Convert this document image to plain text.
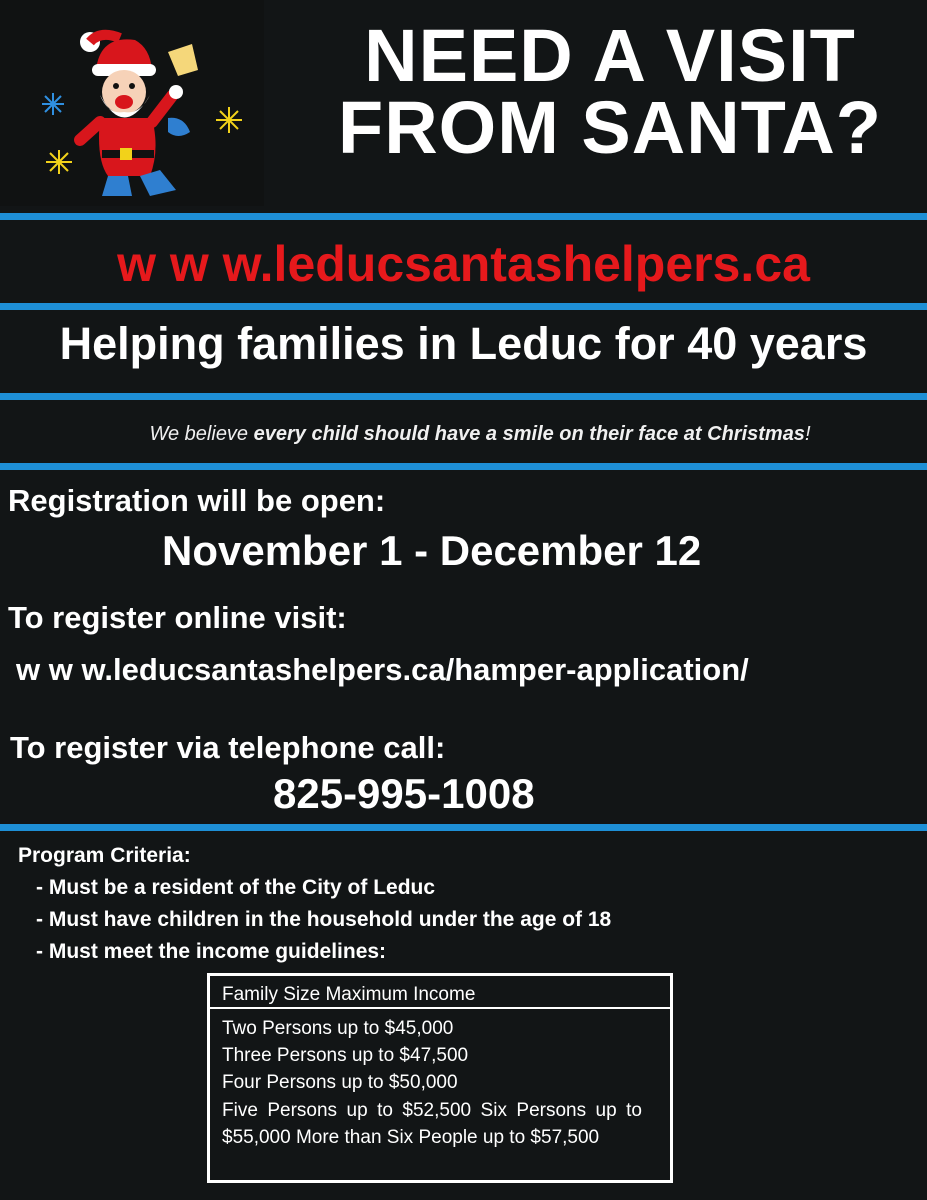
NEED A VISIT
FROM SANTA?
w w w.leducsantashelpers.ca
Helping families in Leduc for 40 years
We believe every child should have a smile on their face at Christmas!
Registration will be open:
November 1 - December 12
To register online visit:
w w w.leducsantashelpers.ca/hamper-application/
To register via telephone call:
825-995-1008
Program Criteria:
- Must be a resident of the City of Leduc
- Must have children in the household under the age of 18
- Must meet the income guidelines:
Family Size Maximum Income
Two Persons up to $45,000
Three Persons up to $47,500
Four Persons up to $50,000
Five Persons up to $52,500 Six Persons up to $55,000 More than Six People up to $57,500
